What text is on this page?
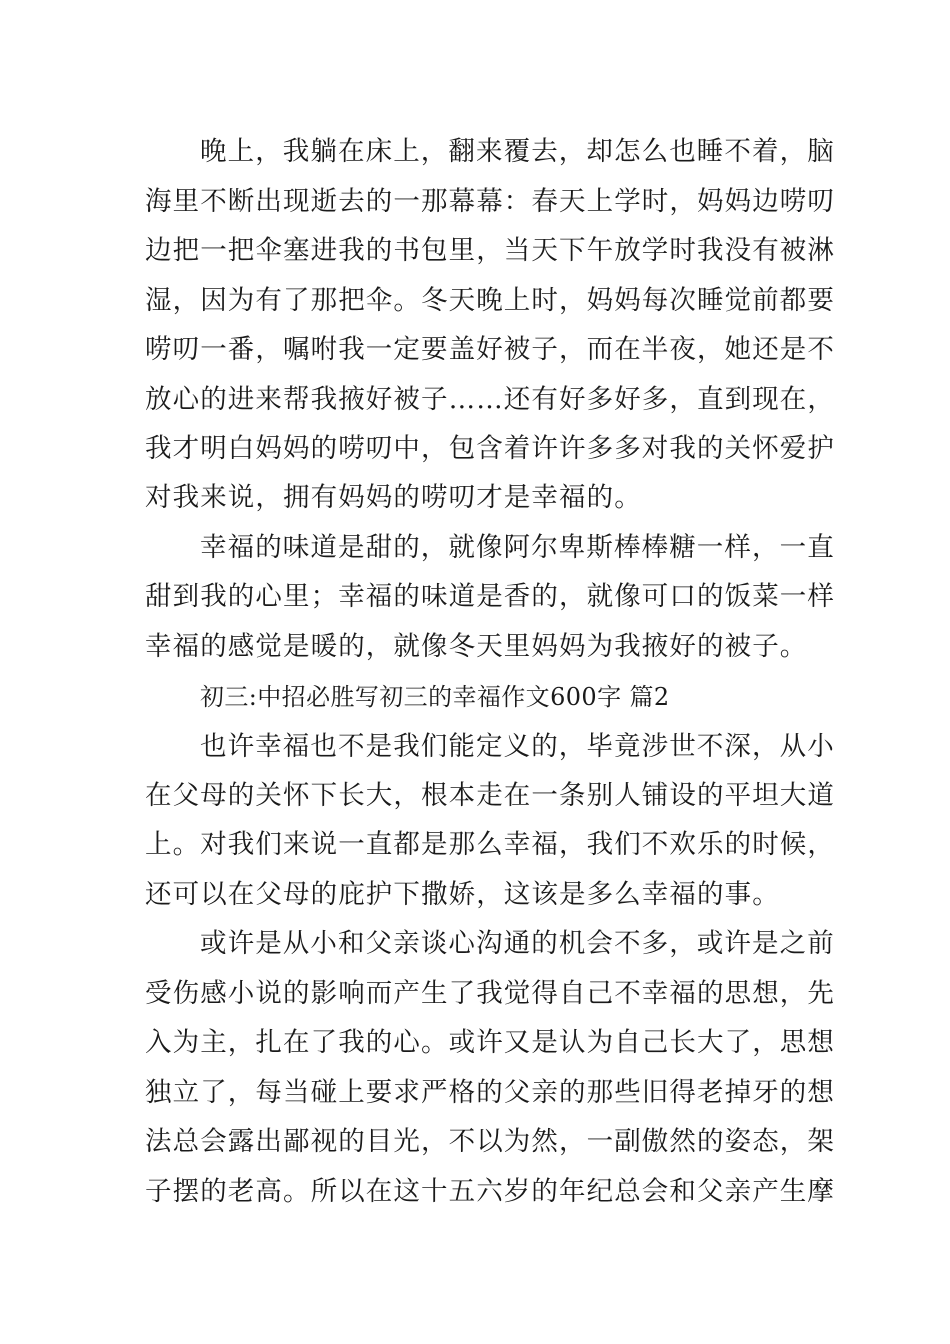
晚上，我躺在床上，翻来覆去，却怎么也睡不着，脑
海里不断出现逝去的一那幕幕：春天上学时，妈妈边唠叨
边把一把伞塞进我的书包里，当天下午放学时我没有被淋
湿，因为有了那把伞。冬天晚上时，妈妈每次睡觉前都要
唠叨一番，嘱咐我一定要盖好被子，而在半夜，她还是不
放心的进来帮我掖好被子……还有好多好多，直到现在，
我才明白妈妈的唠叨中，包含着许许多多对我的关怀爱护
对我来说，拥有妈妈的唠叨才是幸福的。
幸福的味道是甜的，就像阿尔卑斯棒棒糖一样，一直
甜到我的心里；幸福的味道是香的，就像可口的饭菜一样
幸福的感觉是暖的，就像冬天里妈妈为我掖好的被子。
初三:中招必胜写初三的幸福作文600字 篇2
也许幸福也不是我们能定义的，毕竟涉世不深，从小
在父母的关怀下长大，根本走在一条别人铺设的平坦大道
上。对我们来说一直都是那么幸福，我们不欢乐的时候，
还可以在父母的庇护下撒娇，这该是多么幸福的事。
或许是从小和父亲谈心沟通的机会不多，或许是之前
受伤感小说的影响而产生了我觉得自己不幸福的思想，先
入为主，扎在了我的心。或许又是认为自己长大了，思想
独立了，每当碰上要求严格的父亲的那些旧得老掉牙的想
法总会露出鄙视的目光，不以为然，一副傲然的姿态，架
子摆的老高。所以在这十五六岁的年纪总会和父亲产生摩
